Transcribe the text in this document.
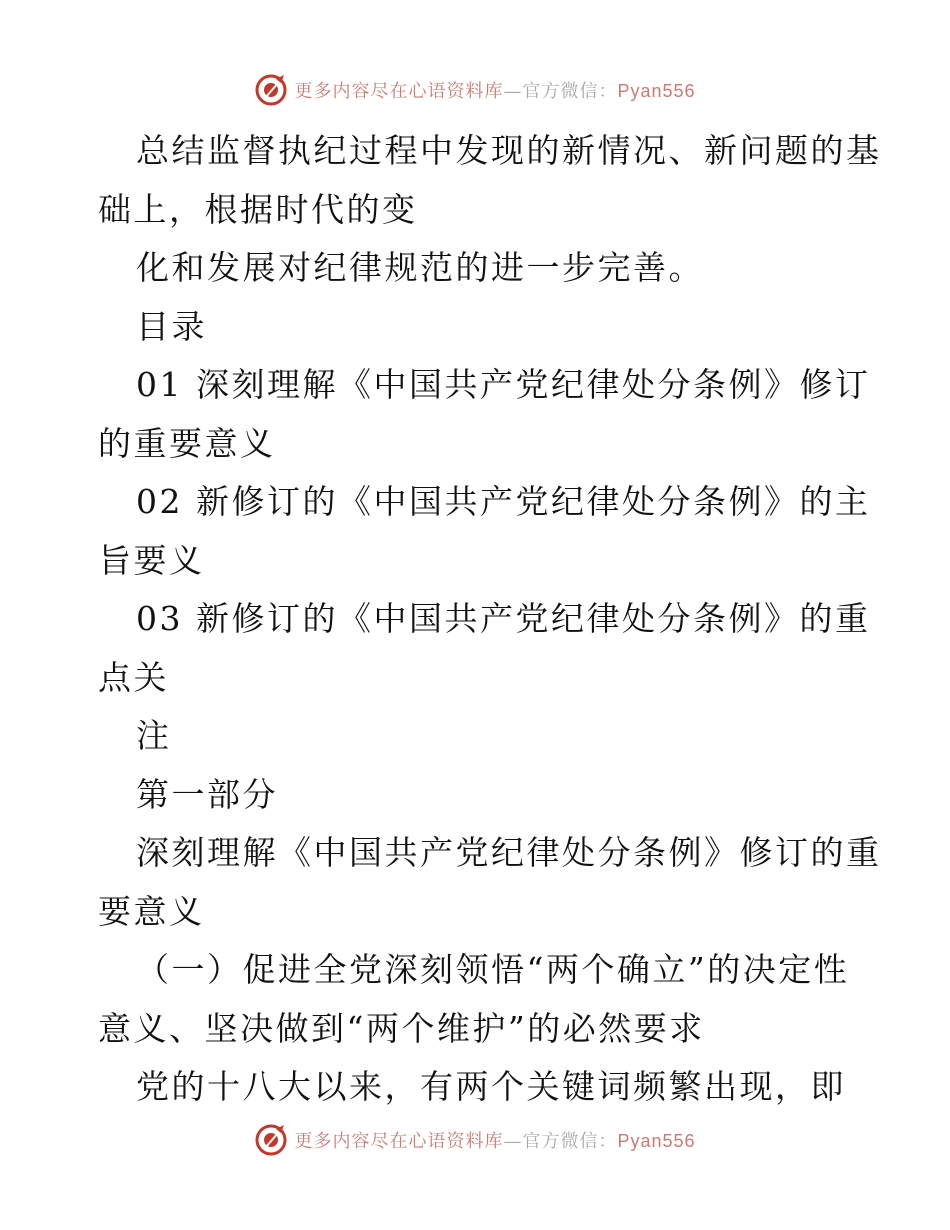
更多内容尽在心语资料库—官方微信：Pyan556
总结监督执纪过程中发现的新情况、新问题的基
础上，根据时代的变
化和发展对纪律规范的进一步完善。
目录
01 深刻理解《中国共产党纪律处分条例》修订
的重要意义
02 新修订的《中国共产党纪律处分条例》的主
旨要义
03 新修订的《中国共产党纪律处分条例》的重
点关
注
第一部分
深刻理解《中国共产党纪律处分条例》修订的重
要意义
（一）促进全党深刻领悟“两个确立”的决定性
意义、坚决做到“两个维护”的必然要求
党的十八大以来，有两个关键词频繁出现，即
更多内容尽在心语资料库—官方微信：Pyan556
